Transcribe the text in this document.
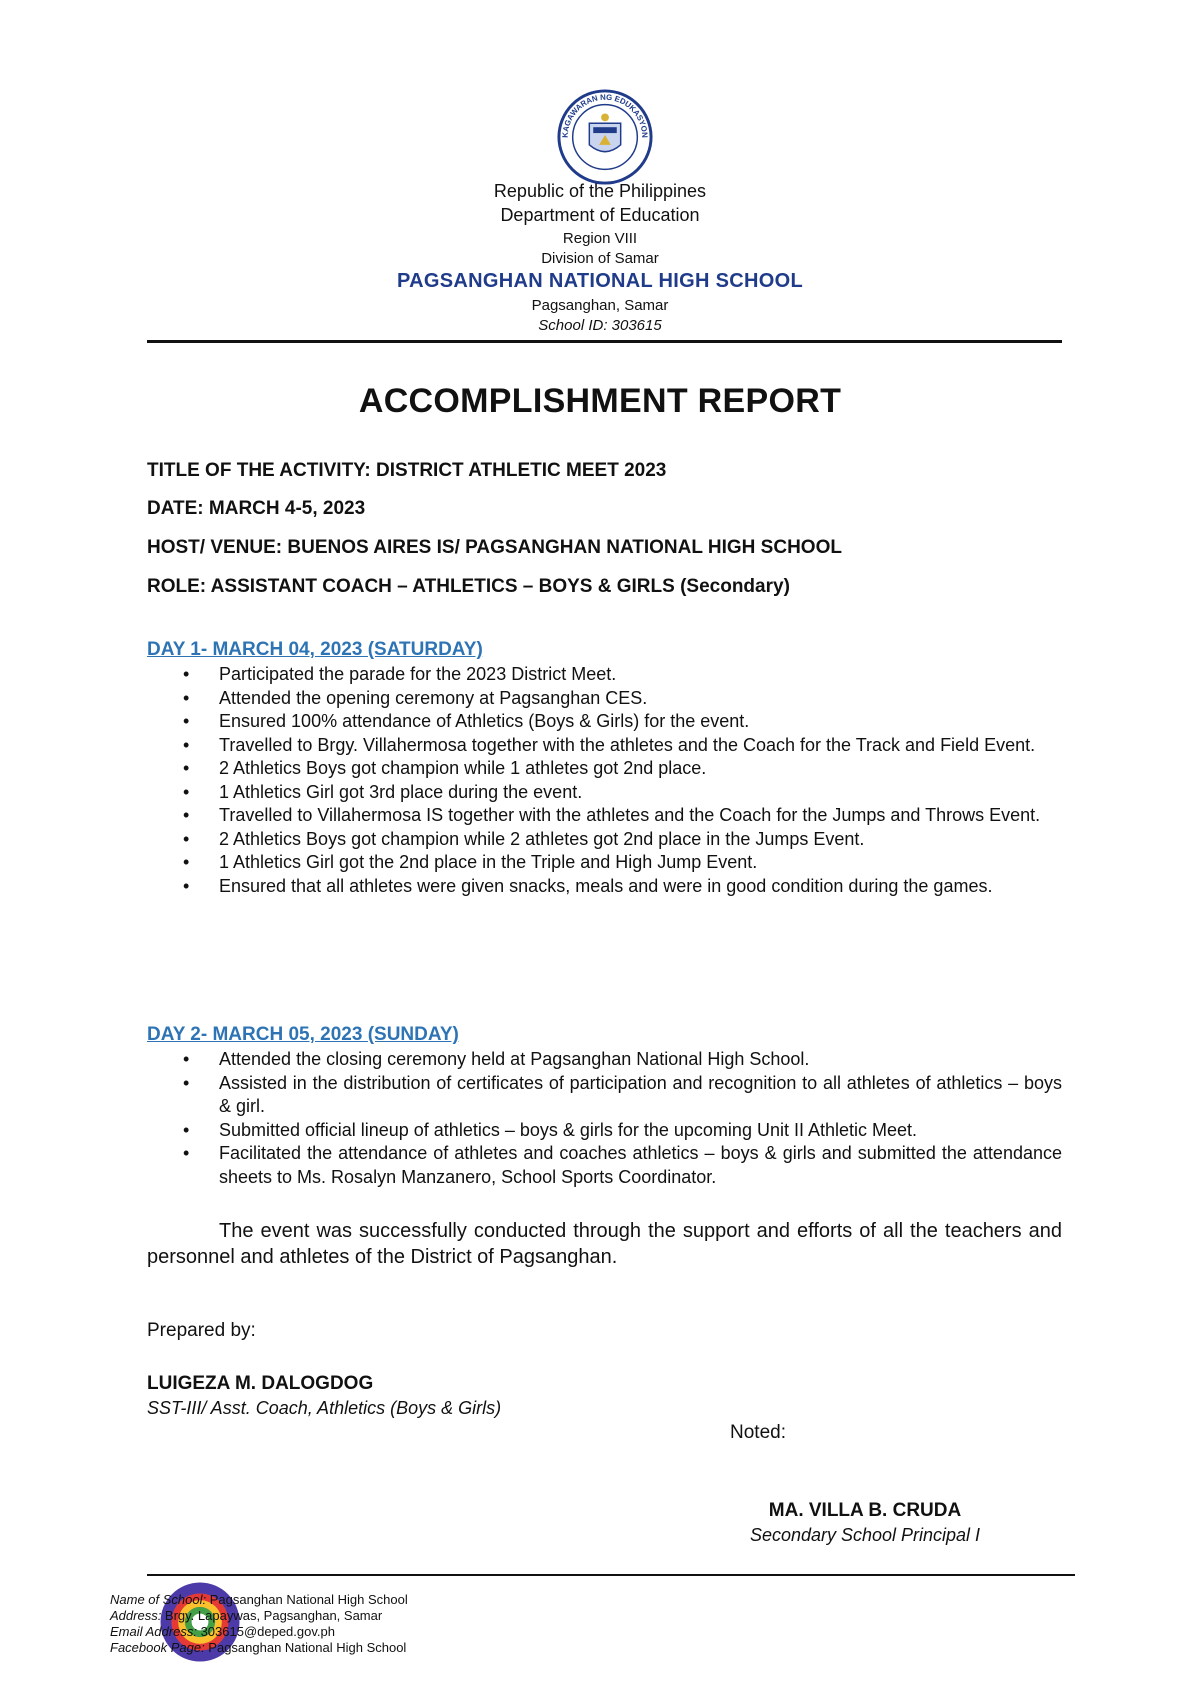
KAGAWARAN NG EDUKASYON
Republic of the Philippines
Department of Education
Region VIII
Division of Samar
PAGSANGHAN NATIONAL HIGH SCHOOL
Pagsanghan, Samar
School ID: 303615
ACCOMPLISHMENT REPORT
TITLE OF THE ACTIVITY: DISTRICT ATHLETIC MEET 2023
DATE: MARCH 4-5, 2023
HOST/ VENUE: BUENOS AIRES IS/ PAGSANGHAN NATIONAL HIGH SCHOOL
ROLE: ASSISTANT COACH – ATHLETICS – BOYS & GIRLS (Secondary)
DAY 1- MARCH 04, 2023 (SATURDAY)
• Participated the parade for the 2023 District Meet.
• Attended the opening ceremony at Pagsanghan CES.
• Ensured 100% attendance of Athletics (Boys & Girls) for the event.
• Travelled to Brgy. Villahermosa together with the athletes and the Coach for the Track and Field Event.
• 2 Athletics Boys got champion while 1 athletes got 2nd place.
• 1 Athletics Girl got 3rd place during the event.
• Travelled to Villahermosa IS together with the athletes and the Coach for the Jumps and Throws Event.
• 2 Athletics Boys got champion while 2 athletes got 2nd place in the Jumps Event.
• 1 Athletics Girl got the 2nd place in the Triple and High Jump Event.
• Ensured that all athletes were given snacks, meals and were in good condition during the games.
DAY 2- MARCH 05, 2023 (SUNDAY)
• Attended the closing ceremony held at Pagsanghan National High School.
• Assisted in the distribution of certificates of participation and recognition to all athletes of athletics – boys & girl.
• Submitted official lineup of athletics – boys & girls for the upcoming Unit II Athletic Meet.
• Facilitated the attendance of athletes and coaches athletics – boys & girls and submitted the attendance sheets to Ms. Rosalyn Manzanero, School Sports Coordinator.
The event was successfully conducted through the support and efforts of all the teachers and personnel and athletes of the District of Pagsanghan.
Prepared by:
LUIGEZA M. DALOGDOG
SST-III/ Asst. Coach, Athletics (Boys & Girls)
Noted:
MA. VILLA B. CRUDA
Secondary School Principal I
Name of School: Pagsanghan National High School
Address: Brgy. Lapaywas, Pagsanghan, Samar
Email Address: 303615@deped.gov.ph
Facebook Page: Pagsanghan National High School
